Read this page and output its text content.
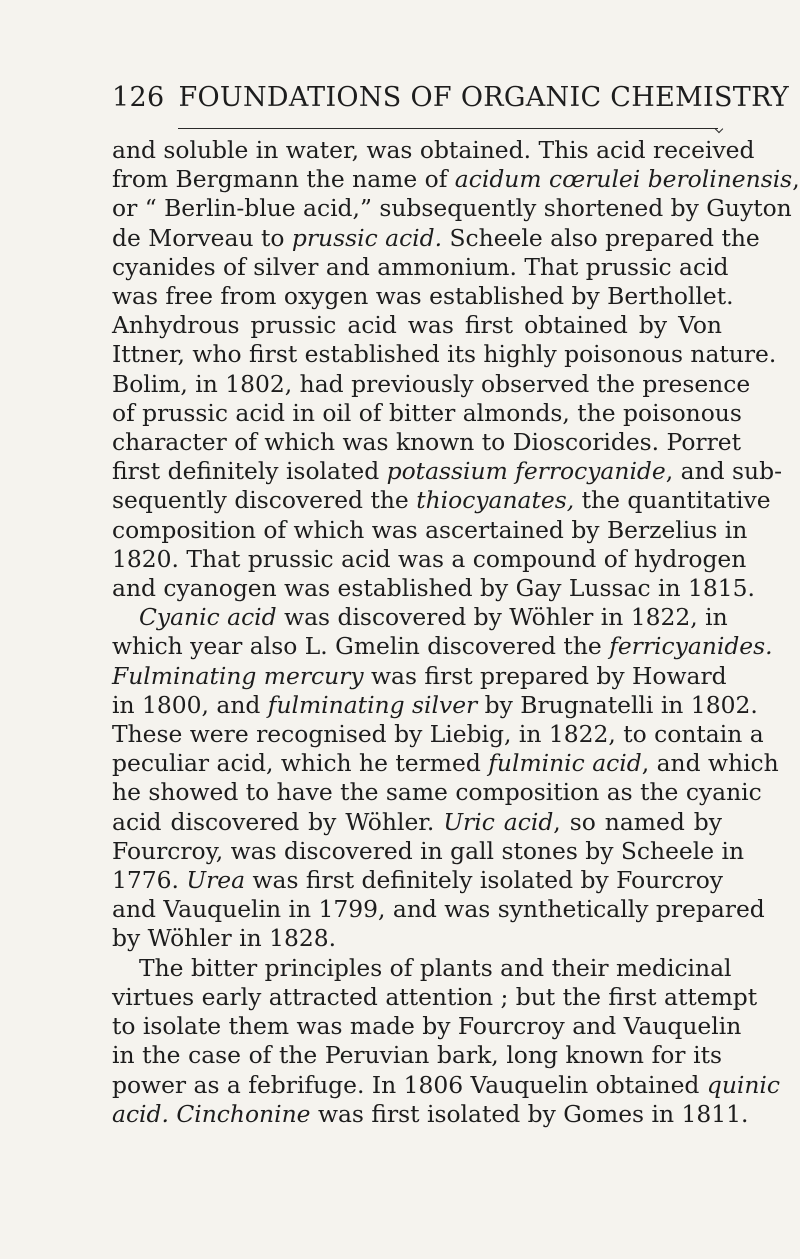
126 FOUNDATIONS OF ORGANIC CHEMISTRY
and soluble in water, was obtained. This acid received
from Bergmann the name of acidum cœrulei berolinensis,
or “ Berlin-blue acid,” subsequently shortened by Guyton
de Morveau to prussic acid. Scheele also prepared the
cyanides of silver and ammonium. That prussic acid
was free from oxygen was established by Berthollet.
Anhydrous prussic acid was first obtained by Von
Ittner, who first established its highly poisonous nature.
Bolim, in 1802, had previously observed the presence
of prussic acid in oil of bitter almonds, the poisonous
character of which was known to Dioscorides. Porret
first definitely isolated potassium ferrocyanide, and sub-
sequently discovered the thiocyanates, the quantitative
composition of which was ascertained by Berzelius in
1820. That prussic acid was a compound of hydrogen
and cyanogen was established by Gay Lussac in 1815.
Cyanic acid was discovered by Wöhler in 1822, in
which year also L. Gmelin discovered the ferricyanides.
Fulminating mercury was first prepared by Howard
in 1800, and fulminating silver by Brugnatelli in 1802.
These were recognised by Liebig, in 1822, to contain a
peculiar acid, which he termed fulminic acid, and which
he showed to have the same composition as the cyanic
acid discovered by Wöhler. Uric acid, so named by
Fourcroy, was discovered in gall stones by Scheele in
1776. Urea was first definitely isolated by Fourcroy
and Vauquelin in 1799, and was synthetically prepared
by Wöhler in 1828.
The bitter principles of plants and their medicinal
virtues early attracted attention ; but the first attempt
to isolate them was made by Fourcroy and Vauquelin
in the case of the Peruvian bark, long known for its
power as a febrifuge. In 1806 Vauquelin obtained quinic
acid. Cinchonine was first isolated by Gomes in 1811.
